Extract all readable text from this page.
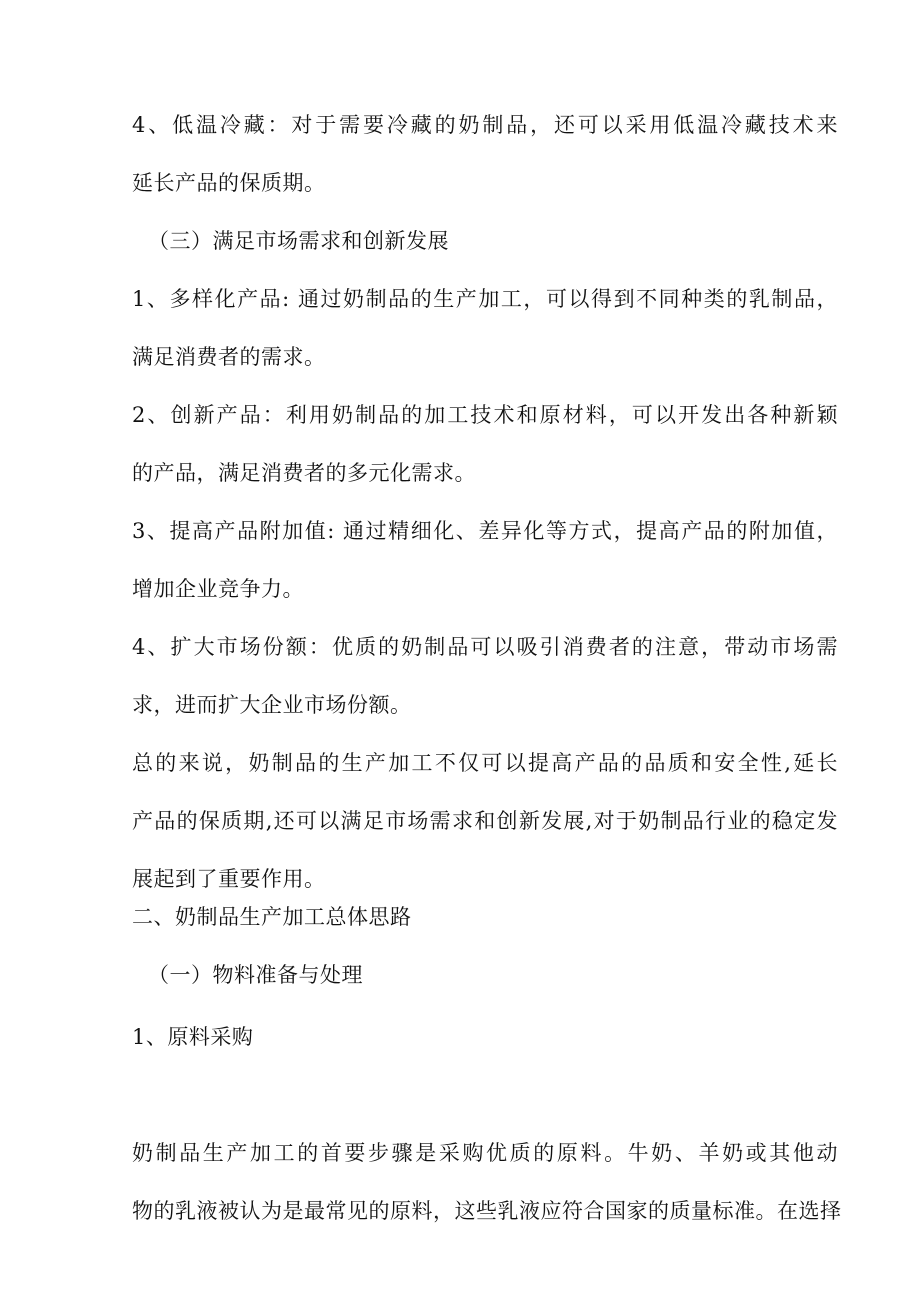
4、低温冷藏：对于需要冷藏的奶制品，还可以采用低温冷藏技术来
延长产品的保质期。
（三）满足市场需求和创新发展
1、多样化产品: 通过奶制品的生产加工，可以得到不同种类的乳制品，
满足消费者的需求。
2、创新产品：利用奶制品的加工技术和原材料，可以开发出各种新颖
的产品，满足消费者的多元化需求。
3、提高产品附加值: 通过精细化、差异化等方式，提高产品的附加值，
增加企业竞争力。
4、扩大市场份额：优质的奶制品可以吸引消费者的注意，带动市场需
求，进而扩大企业市场份额。
总的来说，奶制品的生产加工不仅可以提高产品的品质和安全性,延长
产品的保质期,还可以满足市场需求和创新发展,对于奶制品行业的稳定发
展起到了重要作用。
二、奶制品生产加工总体思路
（一）物料准备与处理
1、原料采购
奶制品生产加工的首要步骤是采购优质的原料。牛奶、羊奶或其他动
物的乳液被认为是最常见的原料，这些乳液应符合国家的质量标准。在选择
